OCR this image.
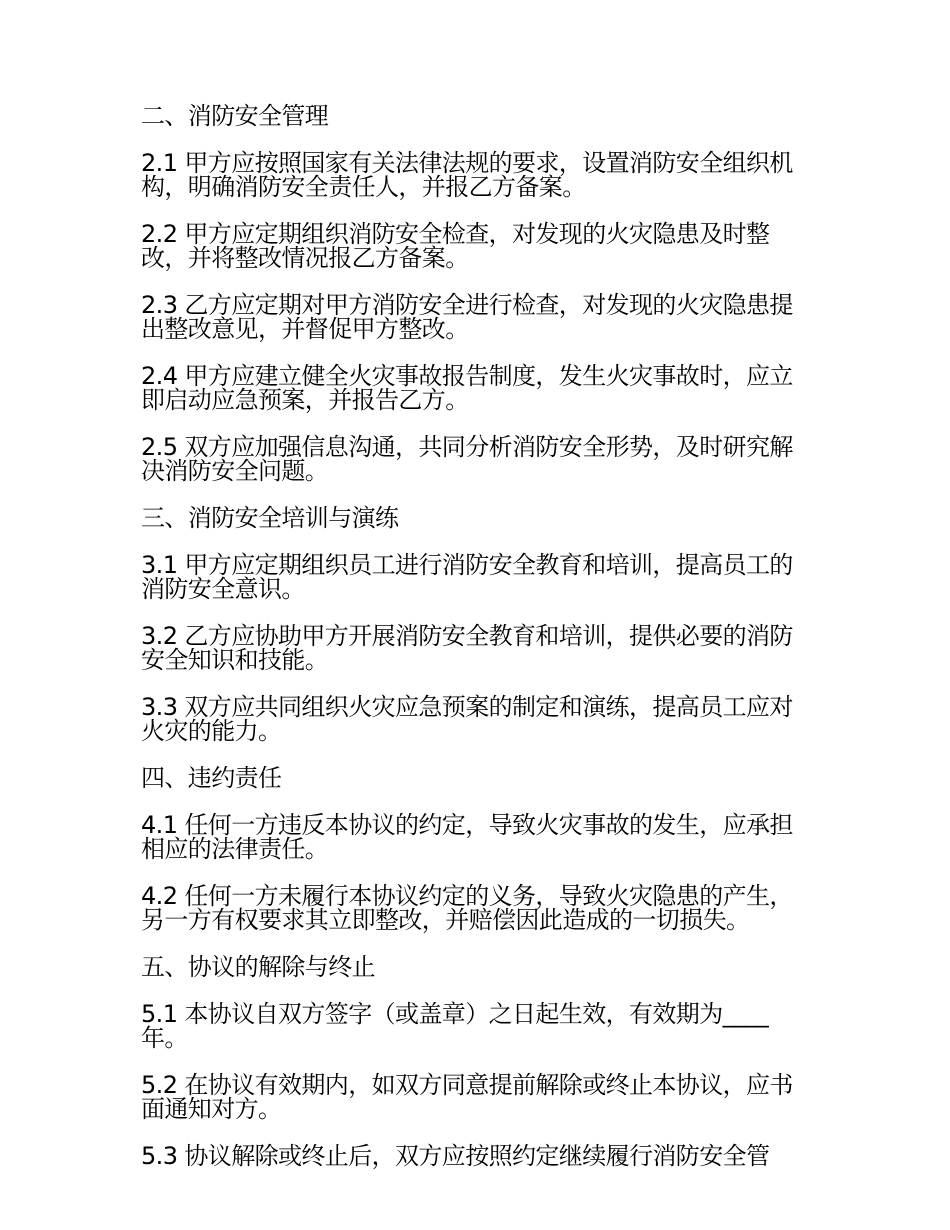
二、消防安全管理
2.1 甲方应按照国家有关法律法规的要求，设置消防安全组织机构，明确消防安全责任人，并报乙方备案。
2.2 甲方应定期组织消防安全检查，对发现的火灾隐患及时整改，并将整改情况报乙方备案。
2.3 乙方应定期对甲方消防安全进行检查，对发现的火灾隐患提出整改意见，并督促甲方整改。
2.4 甲方应建立健全火灾事故报告制度，发生火灾事故时，应立即启动应急预案，并报告乙方。
2.5 双方应加强信息沟通，共同分析消防安全形势，及时研究解决消防安全问题。
三、消防安全培训与演练
3.1 甲方应定期组织员工进行消防安全教育和培训，提高员工的消防安全意识。
3.2 乙方应协助甲方开展消防安全教育和培训，提供必要的消防安全知识和技能。
3.3 双方应共同组织火灾应急预案的制定和演练，提高员工应对火灾的能力。
四、违约责任
4.1 任何一方违反本协议的约定，导致火灾事故的发生，应承担相应的法律责任。
4.2 任何一方未履行本协议约定的义务，导致火灾隐患的产生，另一方有权要求其立即整改，并赔偿因此造成的一切损失。
五、协议的解除与终止
5.1 本协议自双方签字（或盖章）之日起生效，有效期为____年。
5.2 在协议有效期内，如双方同意提前解除或终止本协议，应书面通知对方。
5.3 协议解除或终止后，双方应按照约定继续履行消防安全管
